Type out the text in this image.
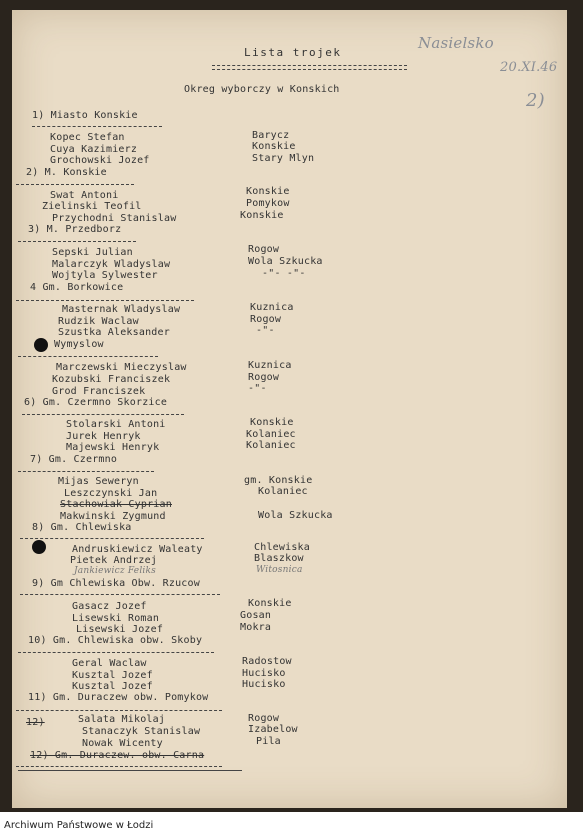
Lista trojek
Okreg wyborczy w Konskich
Nasielsko
20.XI.46
2)
1) Miasto Konskie
Kopec Stefan	Barycz
Cuya Kazimierz	Konskie
Grochowski Jozef	Stary Mlyn
2) M. Konskie
Swat Antoni	Konskie
Zielinski Teofil	Pomykow
Przychodni Stanislaw	Konskie
3) M. Przedborz
Sepski Julian	Rogow
Malarczyk Wladyslaw	Wola Szkucka
Wojtyla Sylwester	-"- -"-
4 Gm. Borkowice
Masternak Wladyslaw	Kuznica
Rudzik Waclaw	Rogow
Szustka Aleksander	-"-
Wymyslow
Marczewski Mieczyslaw	Kuznica
Kozubski Franciszek	Rogow
Grod Franciszek	-"-
6) Gm. Czermno Skorzice
Stolarski Antoni	Konskie
Jurek Henryk	Kolaniec
Majewski Henryk	Kolaniec
7) Gm. Czermno
Mijas Seweryn	gm. Konskie
Leszczynski Jan	Kolaniec
Stachowiak Cyprian
Makwinski Zygmund	Wola Szkucka
8) Gm. Chlewiska
Andruskiewicz Waleaty	Chlewiska
Pietek Andrzej	Blaszkow
Jankiewicz Feliks	Witosnica
9) Gm Chlewiska Obw. Rzucow
Gasacz Jozef	Konskie
Lisewski Roman	Gosan
Lisewski Jozef	Mokra
10) Gm. Chlewiska obw. Skoby
Geral Waclaw	Radostow
Kusztal Jozef	Hucisko
Kusztal Jozef	Hucisko
11) Gm. Duraczew obw. Pomykow
12)	Salata Mikolaj	Rogow
Stanaczyk Stanislaw	Izabelow
Nowak Wicenty	Pila
12) Gm. Duraczew. obw. Carna
Archiwum Państwowe w Łodzi
